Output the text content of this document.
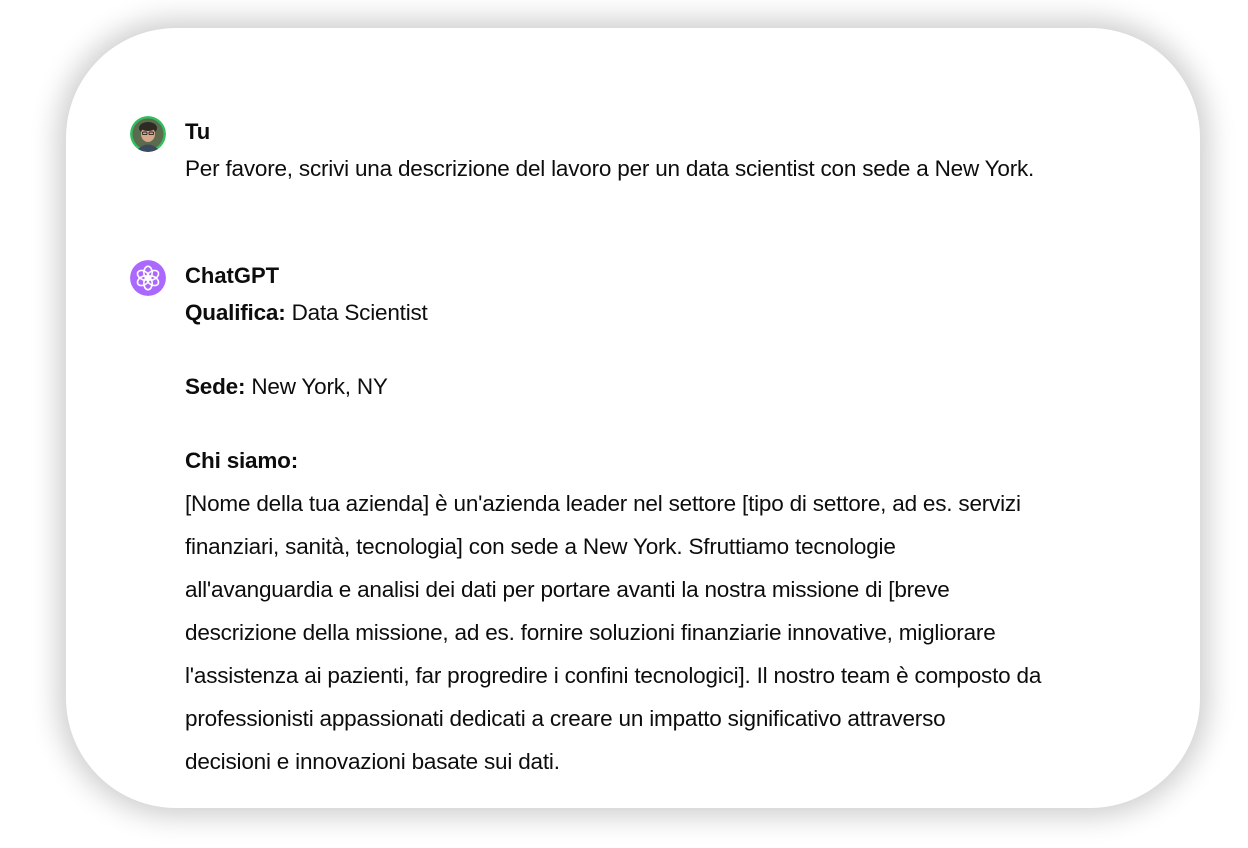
Tu
Per favore, scrivi una descrizione del lavoro per un data scientist con sede a New York.
ChatGPT
Qualifica: Data Scientist
Sede: New York, NY
Chi siamo:
[Nome della tua azienda] è un'azienda leader nel settore [tipo di settore, ad es. servizi
finanziari, sanità, tecnologia] con sede a New York. Sfruttiamo tecnologie
all'avanguardia e analisi dei dati per portare avanti la nostra missione di [breve
descrizione della missione, ad es. fornire soluzioni finanziarie innovative, migliorare
l'assistenza ai pazienti, far progredire i confini tecnologici]. Il nostro team è composto da
professionisti appassionati dedicati a creare un impatto significativo attraverso
decisioni e innovazioni basate sui dati.
